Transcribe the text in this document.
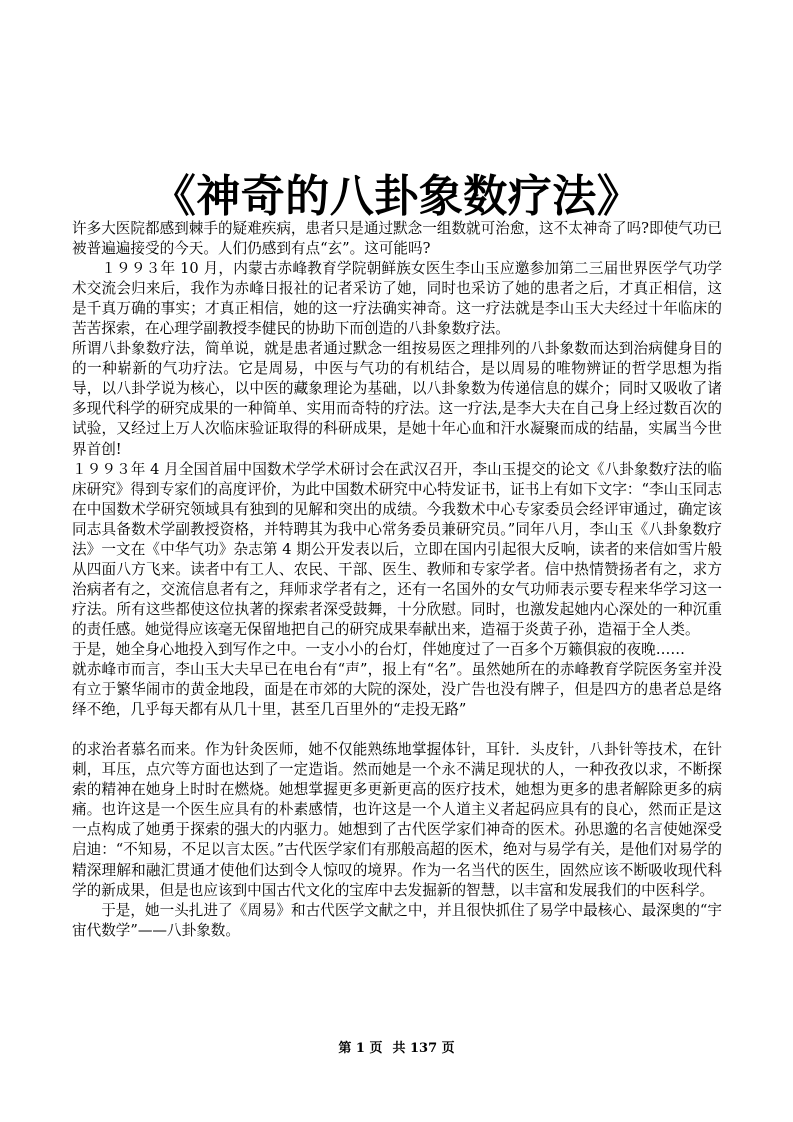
《神奇的八卦象数疗法》

许多大医院都感到棘手的疑难疾病，患者只是通过默念一组数就可治愈，这不太神奇了吗?即使气功已被普遍遍接受的今天。人们仍感到有点“玄”。这可能吗?

１９９３年 10 月，内蒙古赤峰教育学院朝鲜族女医生李山玉应邀参加第二三届世界医学气功学术交流会归来后，我作为赤峰日报社的记者采访了她，同时也采访了她的患者之后，才真正相信，这是千真万确的事实；才真正相信，她的这一疗法确实神奇。这一疗法就是李山玉大夫经过十年临床的苦苦探索，在心理学副教授李健民的协助下而创造的八卦象数疗法。

所谓八卦象数疗法，简单说，就是患者通过默念一组按易医之理排列的八卦象数而达到治病健身目的的一种崭新的气功疗法。它是周易，中医与气功的有机结合，是以周易的唯物辨证的哲学思想为指导，以八卦学说为核心，以中医的藏象理论为基础，以八卦象数为传递信息的媒介；同时又吸收了诸多现代科学的研究成果的一种简单、实用而奇特的疗法。这一疗法,是李大夫在自己身上经过数百次的试验，又经过上万人次临床验证取得的科研成果，是她十年心血和汗水凝聚而成的结晶，实属当今世界首创!

１９９３年 4 月全国首届中国数术学学术研讨会在武汉召开，李山玉提交的论文《八卦象数疗法的临床研究》得到专家们的高度评价，为此中国数术研究中心特发证书，证书上有如下文字：“李山玉同志在中国数术学研究领域具有独到的见解和突出的成绩。今我数术中心专家委员会经评审通过，确定该同志具备数术学副教授资格，并特聘其为我中心常务委员兼研究员。”同年八月，李山玉《八卦象数疗法》一文在《中华气功》杂志第 4 期公开发表以后，立即在国内引起很大反响，读者的来信如雪片般从四面八方飞来。读者中有工人、农民、干部、医生、教师和专家学者。信中热情赞扬者有之，求方治病者有之，交流信息者有之，拜师求学者有之，还有一名国外的女气功师表示要专程来华学习这一疗法。所有这些都使这位执著的探索者深受鼓舞，十分欣慰。同时，也激发起她内心深处的一种沉重的责任感。她觉得应该毫无保留地把自己的研究成果奉献出来，造福于炎黄子孙，造福于全人类。

于是，她全身心地投入到写作之中。一支小小的台灯，伴她度过了一百多个万籁俱寂的夜晚……

就赤峰市而言，李山玉大夫早已在电台有“声”，报上有“名”。虽然她所在的赤峰教育学院医务室并没有立于繁华闹市的黄金地段，面是在市郊的大院的深处，没广告也没有牌子，但是四方的患者总是络绎不绝，几乎每天都有从几十里，甚至几百里外的“走投无路”

的求治者慕名而来。作为针灸医师，她不仅能熟练地掌握体针，耳针．头皮针，八卦针等技术，在针刺，耳压，点穴等方面也达到了一定造诣。然而她是一个永不满足现状的人，一种孜孜以求，不断探索的精神在她身上时时在燃烧。她想掌握更多更新更高的医疗技术，她想为更多的患者解除更多的病痛。也许这是一个医生应具有的朴素感情，也许这是一个人道主义者起码应具有的良心，然而正是这一点构成了她勇于探索的强大的内驱力。她想到了古代医学家们神奇的医术。孙思邈的名言使她深受启迪：“不知易，不足以言太医。”古代医学家们有那般高超的医术，绝对与易学有关，是他们对易学的精深理解和融汇贯通才使他们达到令人惊叹的境界。作为一名当代的医生，固然应该不断吸收现代科学的新成果，但是也应该到中国古代文化的宝库中去发掘新的智慧，以丰富和发展我们的中医科学。

于是，她一头扎进了《周易》和古代医学文献之中，并且很快抓住了易学中最核心、最深奥的“宇宙代数学”——八卦象数。

第 1 页 共 137 页
